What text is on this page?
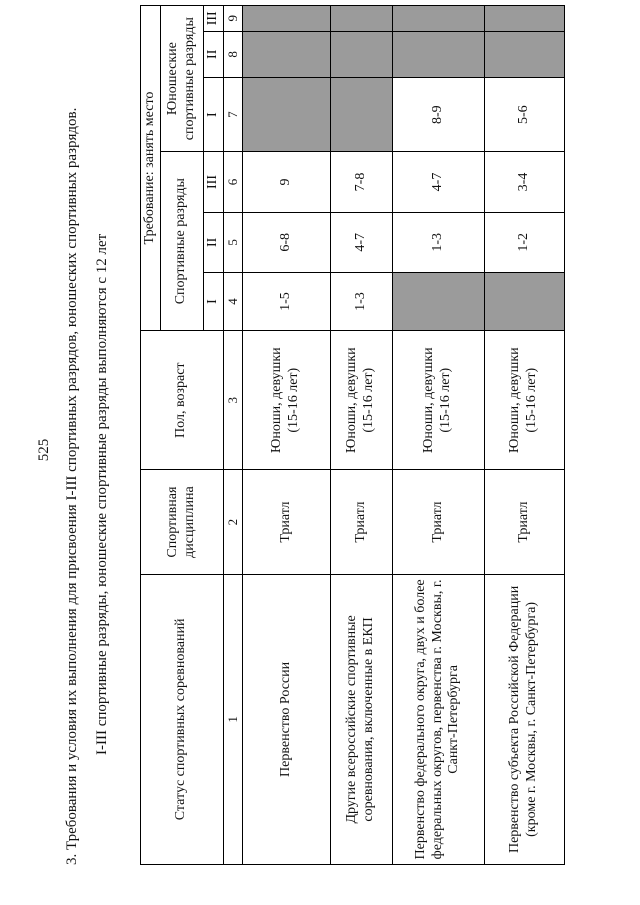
525 3. Требования и условия их выполнения для присвоения I-III спортивных разрядов, юношеских спортивных разрядов. I-III спортивные разряды, юношеские спортивные разряды выполняются с 12 лет	Статус спортивных соревнований	Спортивная дисциплина	Пол, возраст	Требование: занять место					
			Спортивные разряды			Юношеские спортивные разряды		
			I	II	III	I	II	III
1	2	3	4	5	6	7	8	9
Первенство России	Триатл	Юноши, девушки (15-16 лет)	1-5	6-8	9			
Другие всероссийские спортивные соревнования, включенные в ЕКП	Триатл	Юноши, девушки (15-16 лет)	1-3	4-7	7-8			
Первенство федерального округа, двух и более федеральных округов, первенства г. Москвы, г. Санкт-Петербурга	Триатл	Юноши, девушки (15-16 лет)		1-3	4-7	8-9		
Первенство субъекта Российской Федерации (кроме г. Москвы, г. Санкт-Петербурга)	Триатл	Юноши, девушки (15-16 лет)		1-2	3-4	5-6		
